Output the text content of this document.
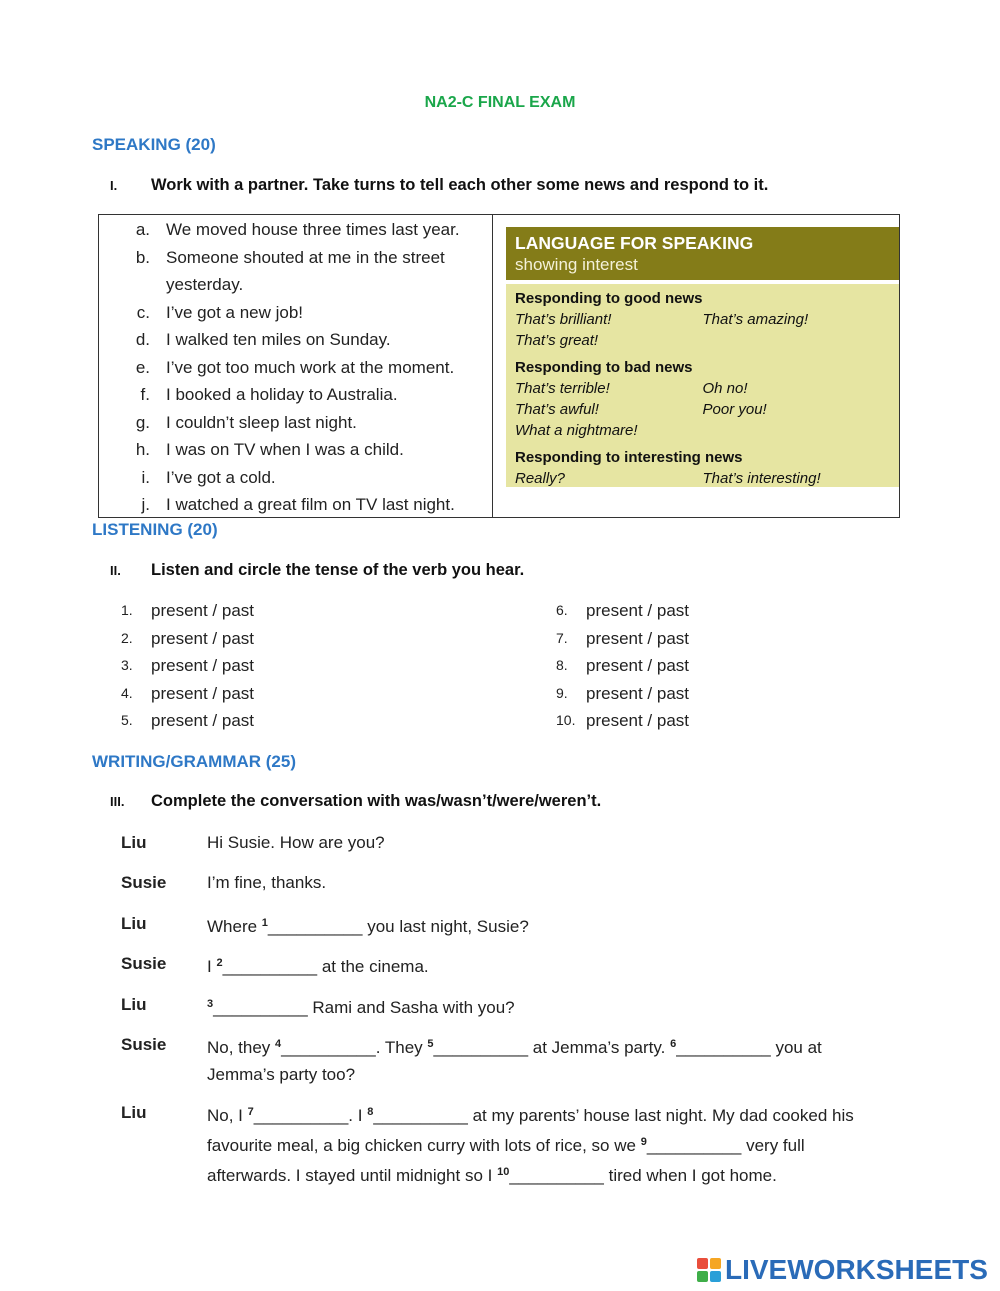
NA2-C FINAL EXAM
SPEAKING (20)
I. Work with a partner. Take turns to tell each other some news and respond to it.
a. We moved house three times last year.
b. Someone shouted at me in the street yesterday.
c. I’ve got a new job!
d. I walked ten miles on Sunday.
e. I’ve got too much work at the moment.
f. I booked a holiday to Australia.
g. I couldn’t sleep last night.
h. I was on TV when I was a child.
i. I’ve got a cold.
j. I watched a great film on TV last night.
LANGUAGE FOR SPEAKING
showing interest
Responding to good news
That’s brilliant!	That’s amazing!
That’s great!
Responding to bad news
That’s terrible!	Oh no!
That’s awful!	Poor you!
What a nightmare!
Responding to interesting news
Really?	That’s interesting!
LISTENING (20)
II. Listen and circle the tense of the verb you hear.
1.	present / past
2.	present / past
3.	present / past
4.	present / past
5.	present / past
6.	present / past
7.	present / past
8.	present / past
9.	present / past
10. present / past
WRITING/GRAMMAR (25)
III. Complete the conversation with was/wasn’t/were/weren’t.
Liu	Hi Susie. How are you?
Susie	I’m fine, thanks.
Liu	Where $^1$__________ you last night, Susie?
Susie	I $^2$__________ at the cinema.
Liu	$^3$__________ Rami and Sasha with you?
Susie	No, they $^4$__________. They $^5$__________ at Jemma’s party. $^6$__________ you at
Jemma’s party too?
Liu	No, I $^7$__________. I $^8$__________ at my parents’ house last night. My dad cooked his
favourite meal, a big chicken curry with lots of rice, so we $^9$__________ very full
afterwards. I stayed until midnight so I $^{10}$__________ tired when I got home.
LIVEWORKSHEETS
